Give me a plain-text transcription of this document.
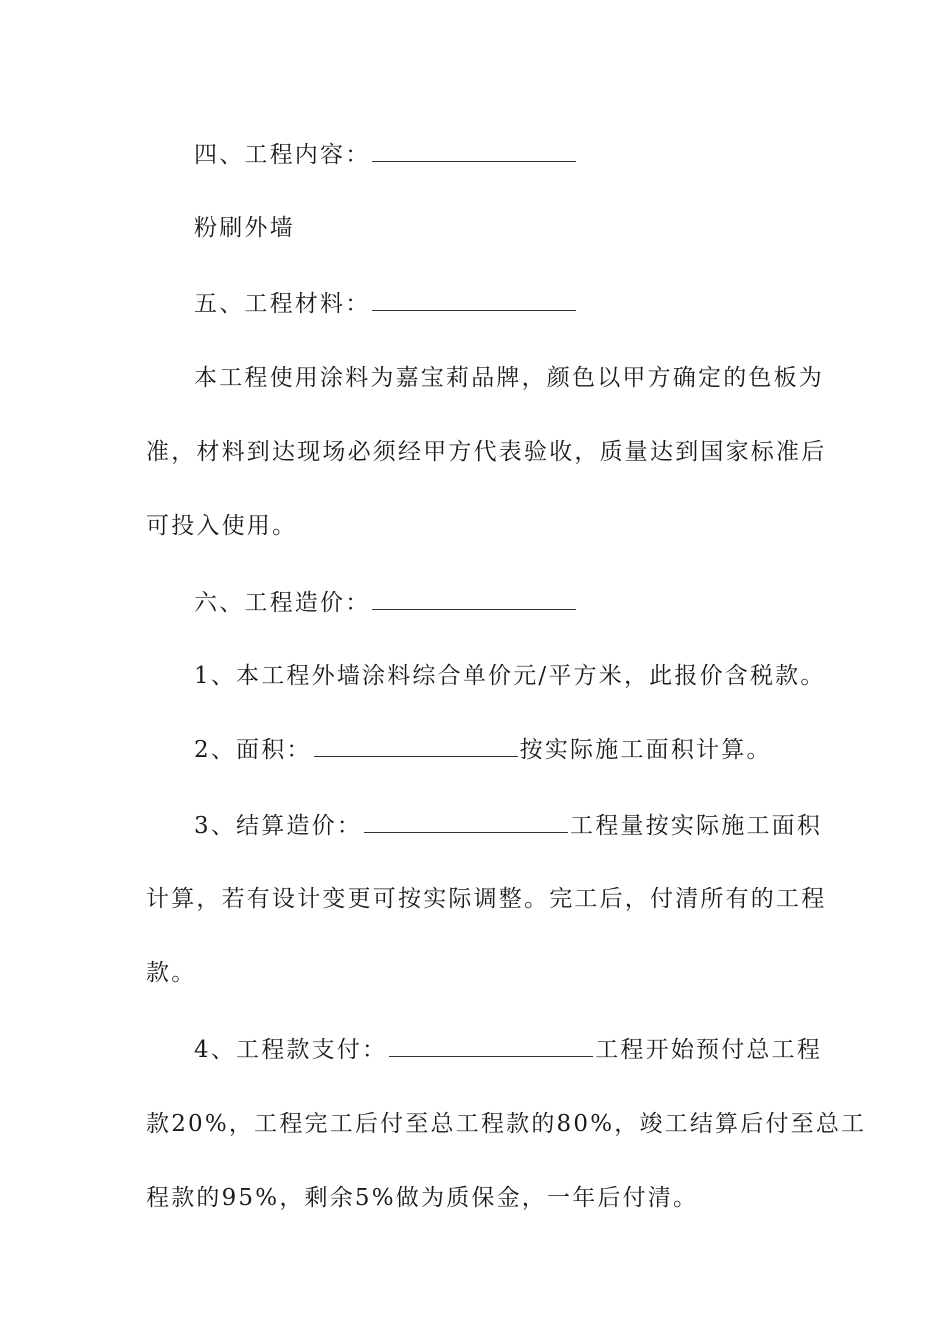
四、工程内容：
粉刷外墙
五、工程材料：
本工程使用涂料为嘉宝莉品牌，颜色以甲方确定的色板为
准，材料到达现场必须经甲方代表验收，质量达到国家标准后
可投入使用。
六、工程造价：
1、本工程外墙涂料综合单价元/平方米，此报价含税款。
2、面积：	按实际施工面积计算。
3、结算造价：	工程量按实际施工面积
计算，若有设计变更可按实际调整。完工后，付清所有的工程
款。
4、工程款支付：	工程开始预付总工程
款20%，工程完工后付至总工程款的80%，竣工结算后付至总工
程款的95%，剩余5%做为质保金，一年后付清。
